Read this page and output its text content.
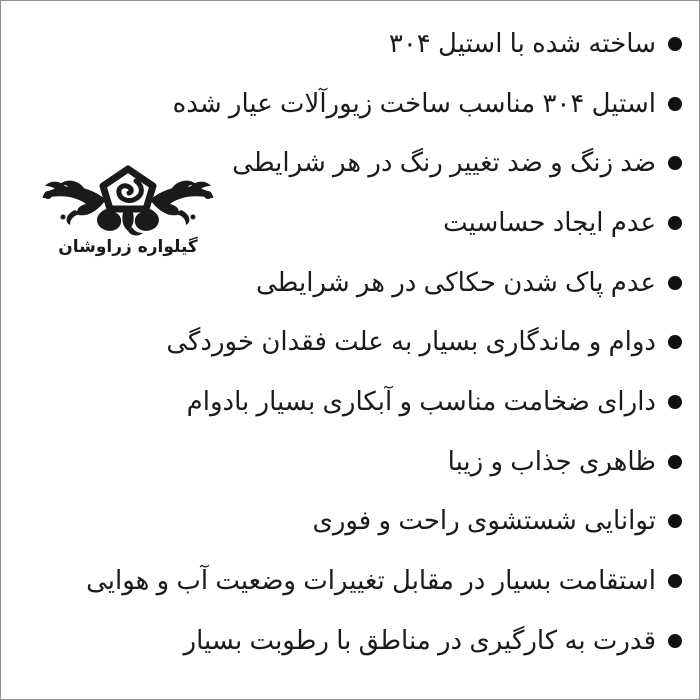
ساخته شده با استیل ۳۰۴
استیل ۳۰۴ مناسب ساخت زیورآلات عیار شده
ضد زنگ و ضد تغییر رنگ در هر شرایطی
عدم ایجاد حساسیت
عدم پاک شدن حکاکی در هر شرایطی
دوام و ماندگاری بسیار به علت فقدان خوردگی
دارای ضخامت مناسب و آبکاری بسیار بادوام
ظاهری جذاب و زیبا
توانایی شستشوی راحت و فوری
استقامت بسیار در مقابل تغییرات وضعیت آب و هوایی
قدرت به کارگیری در مناطق با رطوبت بسیار
گیلواره زراوشان
